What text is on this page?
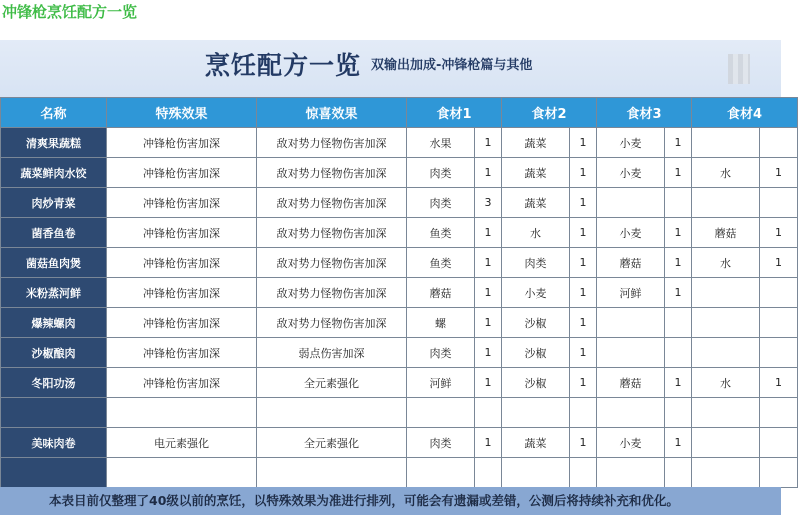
冲锋枪烹饪配方一览
烹饪配方一览 双输出加成-冲锋枪篇与其他
名称	特殊效果	惊喜效果	食材1		食材2		食材3		食材4	
清爽果蔬糕	冲锋枪伤害加深	敌对势力怪物伤害加深	水果	1	蔬菜	1	小麦	1		
蔬菜鲜肉水饺	冲锋枪伤害加深	敌对势力怪物伤害加深	肉类	1	蔬菜	1	小麦	1	水	1
肉炒青菜	冲锋枪伤害加深	敌对势力怪物伤害加深	肉类	3	蔬菜	1				
菌香鱼卷	冲锋枪伤害加深	敌对势力怪物伤害加深	鱼类	1	水	1	小麦	1	蘑菇	1
菌菇鱼肉煲	冲锋枪伤害加深	敌对势力怪物伤害加深	鱼类	1	肉类	1	蘑菇	1	水	1
米粉蒸河鲜	冲锋枪伤害加深	敌对势力怪物伤害加深	蘑菇	1	小麦	1	河鲜	1		
爆辣螺肉	冲锋枪伤害加深	敌对势力怪物伤害加深	螺	1	沙椒	1				
沙椒酿肉	冲锋枪伤害加深	弱点伤害加深	肉类	1	沙椒	1				
冬阳功汤	冲锋枪伤害加深	全元素强化	河鲜	1	沙椒	1	蘑菇	1	水	1

美味肉卷	电元素强化	全元素强化	肉类	1	蔬菜	1	小麦	1		

本表目前仅整理了40级以前的烹饪，以特殊效果为准进行排列，可能会有遗漏或差错，公测后将持续补充和优化。
